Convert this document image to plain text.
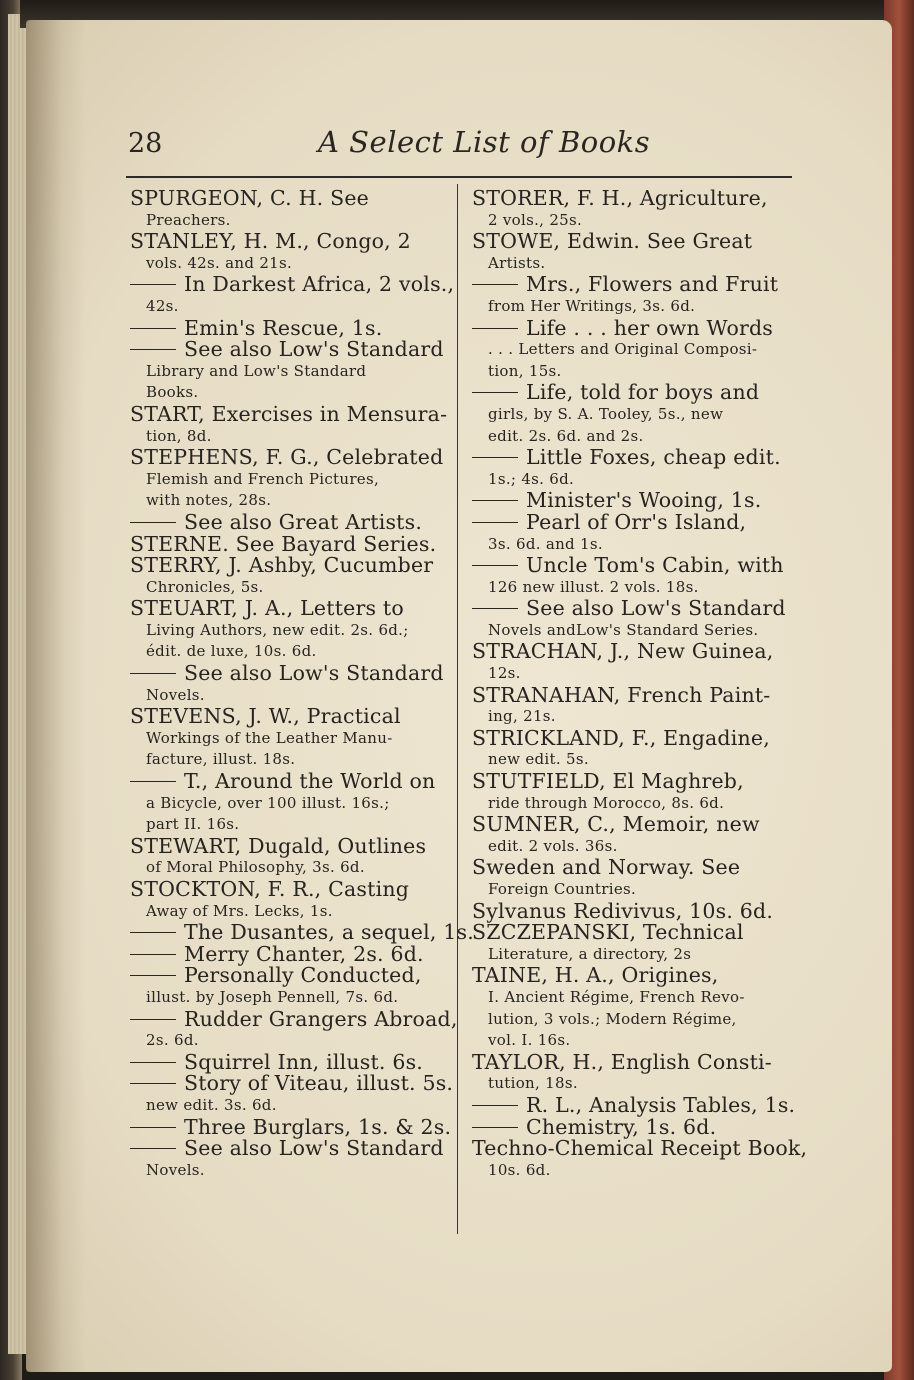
28	A Select List of Books
SPURGEON, C. H. See
Preachers.
STANLEY, H. M., Congo, 2
vols. 42s. and 21s.
In Darkest Africa, 2 vols.,
42s.
Emin's Rescue, 1s.
See also Low's Standard
Library and Low's Standard
Books.
START, Exercises in Mensura-
tion, 8d.
STEPHENS, F. G., Celebrated
Flemish and French Pictures,
with notes, 28s.
See also Great Artists.
STERNE. See Bayard Series.
STERRY, J. Ashby, Cucumber
Chronicles, 5s.
STEUART, J. A., Letters to
Living Authors, new edit. 2s. 6d.;
édit. de luxe, 10s. 6d.
See also Low's Standard
Novels.
STEVENS, J. W., Practical
Workings of the Leather Manu-
facture, illust. 18s.
T., Around the World on
a Bicycle, over 100 illust. 16s.;
part II. 16s.
STEWART, Dugald, Outlines
of Moral Philosophy, 3s. 6d.
STOCKTON, F. R., Casting
Away of Mrs. Lecks, 1s.
The Dusantes, a sequel, 1s.
Merry Chanter, 2s. 6d.
Personally Conducted,
illust. by Joseph Pennell, 7s. 6d.
Rudder Grangers Abroad,
2s. 6d.
Squirrel Inn, illust. 6s.
Story of Viteau, illust. 5s.
new edit. 3s. 6d.
Three Burglars, 1s. & 2s.
See also Low's Standard
Novels.
STORER, F. H., Agriculture,
2 vols., 25s.
STOWE, Edwin. See Great
Artists.
Mrs., Flowers and Fruit
from Her Writings, 3s. 6d.
Life . . . her own Words
. . . Letters and Original Composi-
tion, 15s.
Life, told for boys and
girls, by S. A. Tooley, 5s., new
edit. 2s. 6d. and 2s.
Little Foxes, cheap edit.
1s.; 4s. 6d.
Minister's Wooing, 1s.
Pearl of Orr's Island,
3s. 6d. and 1s.
Uncle Tom's Cabin, with
126 new illust. 2 vols. 18s.
See also Low's Standard
Novels andLow's Standard Series.
STRACHAN, J., New Guinea,
12s.
STRANAHAN, French Paint-
ing, 21s.
STRICKLAND, F., Engadine,
new edit. 5s.
STUTFIELD, El Maghreb,
ride through Morocco, 8s. 6d.
SUMNER, C., Memoir, new
edit. 2 vols. 36s.
Sweden and Norway. See
Foreign Countries.
Sylvanus Redivivus, 10s. 6d.
SZCZEPANSKI, Technical
Literature, a directory, 2s
TAINE, H. A., Origines,
I. Ancient Régime, French Revo-
lution, 3 vols.; Modern Régime,
vol. I. 16s.
TAYLOR, H., English Consti-
tution, 18s.
R. L., Analysis Tables, 1s.
Chemistry, 1s. 6d.
Techno-Chemical Receipt Book,
10s. 6d.
